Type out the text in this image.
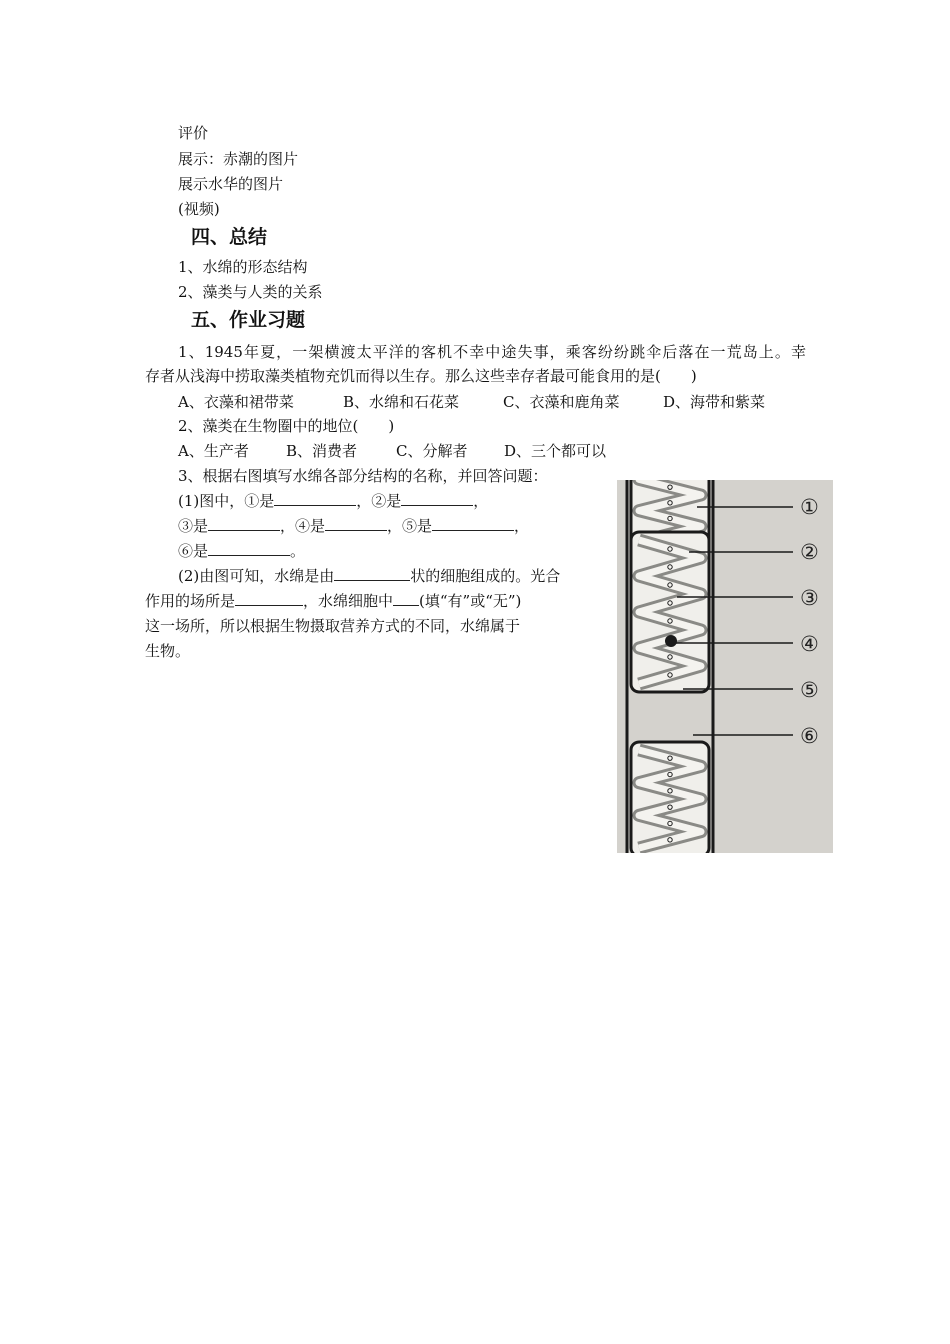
评价
展示：赤潮的图片
展示水华的图片
(视频)
四、总结
1、水绵的形态结构
2、藻类与人类的关系
五、作业习题
1、1945年夏，一架横渡太平洋的客机不幸中途失事，乘客纷纷跳伞后落在一荒岛上。幸
存者从浅海中捞取藻类植物充饥而得以生存。那么这些幸存者最可能食用的是(　　)
A、衣藻和裙带菜	B、水绵和石花菜	C、衣藻和鹿角菜	D、海带和紫菜
2、藻类在生物圈中的地位(　　)
A、生产者 B、消费者	C、分解者 D、三个都可以
3、根据右图填写水绵各部分结构的名称，并回答问题：
(1)图中，①是	，②是	，
③是	，④是	，⑤是	，
⑥是	。
(2)由图可知，水绵是由	状的细胞组成的。光合
作用的场所是	，水绵细胞中 (填“有”或“无”)
这一场所，所以根据生物摄取营养方式的不同，水绵属于
生物。
①
②
③
④
⑤
⑥
